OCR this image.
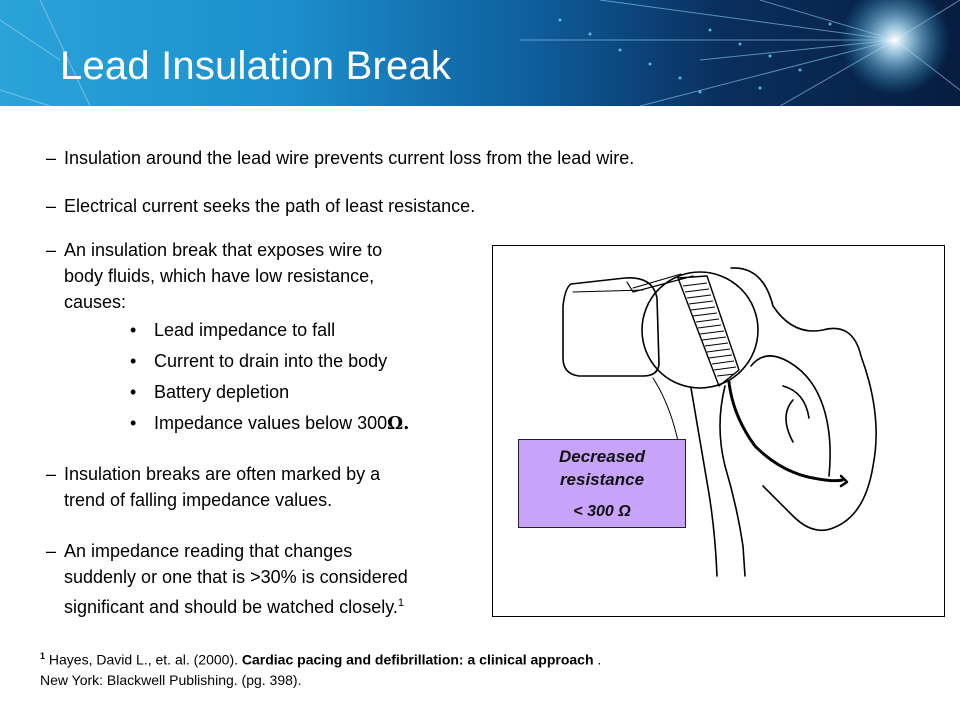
Lead Insulation Break

– Insulation around the lead wire prevents current loss from the lead wire.

– Electrical current seeks the path of least resistance.

– An insulation break that exposes wire to
body fluids, which have low resistance,
causes:

• Lead impedance to fall
• Current to drain into the body
• Battery depletion
• Impedance values below 300Ω.

– Insulation breaks are often marked by a
trend of falling impedance values.

– An impedance reading that changes
suddenly or one that is >30% is considered
significant and should be watched closely.$^1$

Decreased
resistance
< 300 Ω

$^1$ Hayes, David L., et. al. (2000). Cardiac pacing and defibrillation: a clinical approach .
New York: Blackwell Publishing. (pg. 398).
